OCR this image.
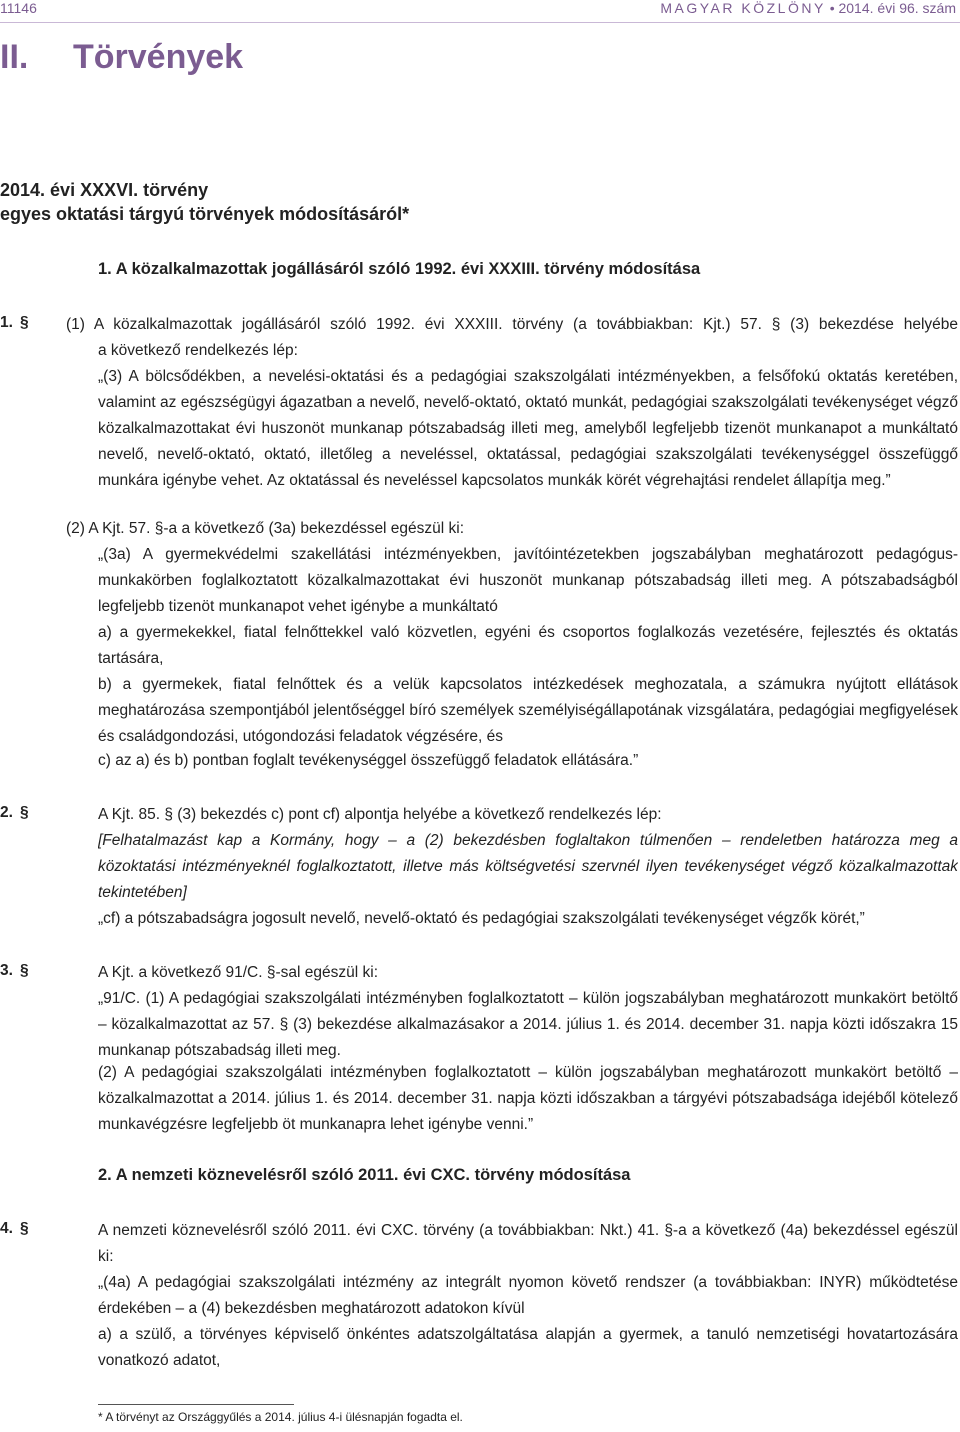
11146	MAGYAR KÖZLÖNY • 2014. évi 96. szám
II. Törvények
2014. évi XXXVI. törvény
egyes oktatási tárgyú törvények módosításáról*
1. A közalkalmazottak jogállásáról szóló 1992. évi XXXIII. törvény módosítása
1. § (1) A közalkalmazottak jogállásáról szóló 1992. évi XXXIII. törvény (a továbbiakban: Kjt.) 57. § (3) bekezdése helyébe
a következő rendelkezés lép:
„(3) A bölcsődékben, a nevelési-oktatási és a pedagógiai szakszolgálati intézményekben, a felsőfokú oktatás keretében, valamint az egészségügyi ágazatban a nevelő, nevelő-oktató, oktató munkát, pedagógiai szakszolgálati tevékenységet végző közalkalmazottakat évi huszonöt munkanap pótszabadság illeti meg, amelyből legfeljebb tizenöt munkanapot a munkáltató nevelő, nevelő-oktató, oktató, illetőleg a neveléssel, oktatással, pedagógiai szakszolgálati tevékenységgel összefüggő munkára igénybe vehet. Az oktatással és neveléssel kapcsolatos munkák körét végrehajtási rendelet állapítja meg.”
(2) A Kjt. 57. §-a a következő (3a) bekezdéssel egészül ki:
„(3a) A gyermekvédelmi szakellátási intézményekben, javítóintézetekben jogszabályban meghatározott pedagógus-munkakörben foglalkoztatott közalkalmazottakat évi huszonöt munkanap pótszabadság illeti meg. A pótszabadságból legfeljebb tizenöt munkanapot vehet igénybe a munkáltató
a) a gyermekekkel, fiatal felnőttekkel való közvetlen, egyéni és csoportos foglalkozás vezetésére, fejlesztés és oktatás tartására,
b) a gyermekek, fiatal felnőttek és a velük kapcsolatos intézkedések meghozatala, a számukra nyújtott ellátások meghatározása szempontjából jelentőséggel bíró személyek személyiségállapotának vizsgálatára, pedagógiai megfigyelések és családgondozási, utógondozási feladatok végzésére, és
c) az a) és b) pontban foglalt tevékenységgel összefüggő feladatok ellátására.”
2. §	A Kjt. 85. § (3) bekezdés c) pont cf) alpontja helyébe a következő rendelkezés lép:
[Felhatalmazást kap a Kormány, hogy – a (2) bekezdésben foglaltakon túlmenően – rendeletben határozza meg a közoktatási intézményeknél foglalkoztatott, illetve más költségvetési szervnél ilyen tevékenységet végző közalkalmazottak tekintetében]
„cf) a pótszabadságra jogosult nevelő, nevelő-oktató és pedagógiai szakszolgálati tevékenységet végzők körét,”
3. §	A Kjt. a következő 91/C. §-sal egészül ki:
„91/C. (1) A pedagógiai szakszolgálati intézményben foglalkoztatott – külön jogszabályban meghatározott munkakört betöltő – közalkalmazottat az 57. § (3) bekezdése alkalmazásakor a 2014. július 1. és 2014. december 31. napja közti időszakra 15 munkanap pótszabadság illeti meg.
(2) A pedagógiai szakszolgálati intézményben foglalkoztatott – külön jogszabályban meghatározott munkakört betöltő – közalkalmazottat a 2014. július 1. és 2014. december 31. napja közti időszakban a tárgyévi pótszabadsága idejéből kötelező munkavégzésre legfeljebb öt munkanapra lehet igénybe venni.”
2. A nemzeti köznevelésről szóló 2011. évi CXC. törvény módosítása
4. §	A nemzeti köznevelésről szóló 2011. évi CXC. törvény (a továbbiakban: Nkt.) 41. §-a a következő (4a) bekezdéssel egészül ki:
„(4a) A pedagógiai szakszolgálati intézmény az integrált nyomon követő rendszer (a továbbiakban: INYR) működtetése érdekében – a (4) bekezdésben meghatározott adatokon kívül
a) a szülő, a törvényes képviselő önkéntes adatszolgáltatása alapján a gyermek, a tanuló nemzetiségi hovatartozására vonatkozó adatot,
* A törvényt az Országgyűlés a 2014. július 4-i ülésnapján fogadta el.
